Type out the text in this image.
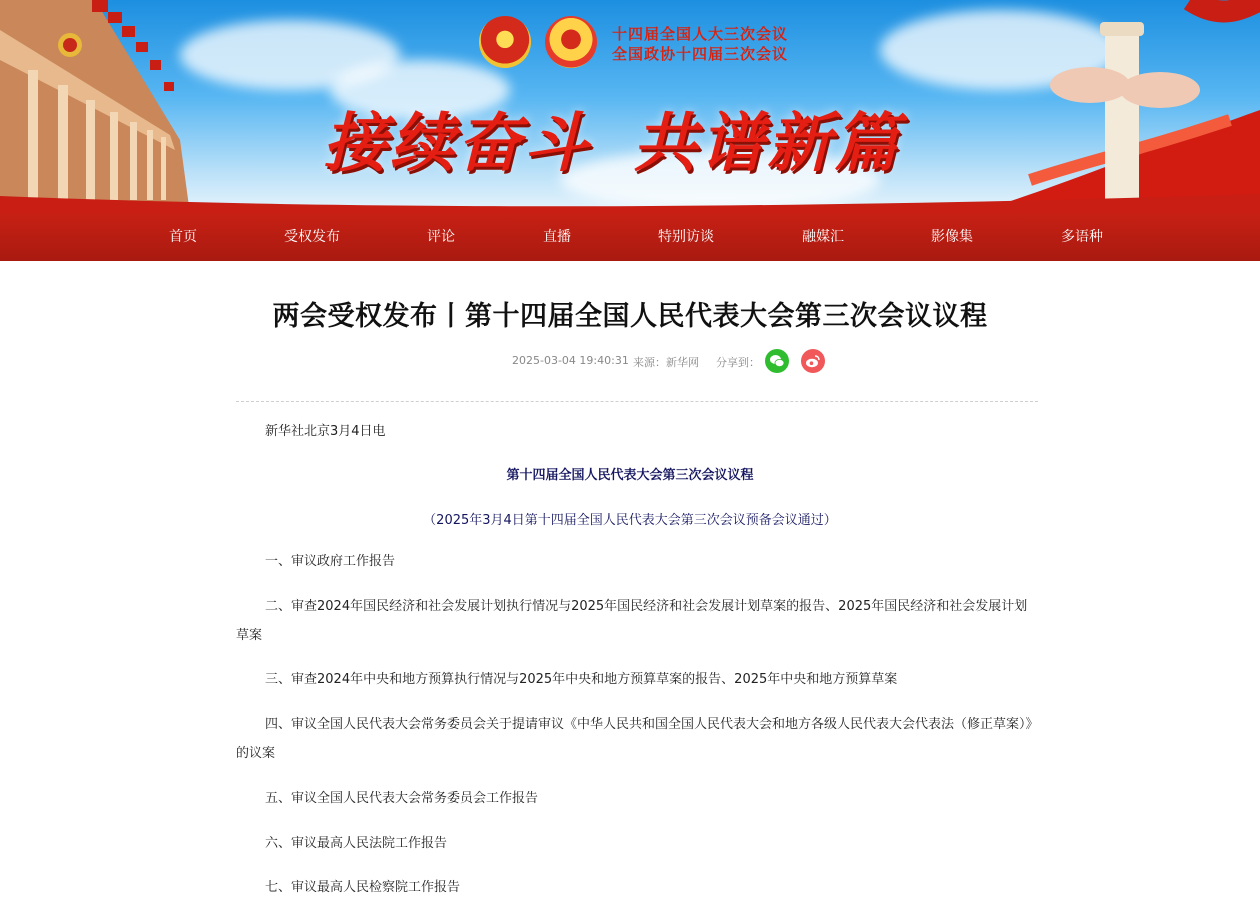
十四届全国人大三次会议
全国政协十四届三次会议
接续奋斗 共谱新篇
首页	受权发布	评论	直播	特别访谈	融媒汇	影像集	多语种
两会受权发布丨第十四届全国人民代表大会第三次会议议程
2025-03-04 19:40:31 来源：新华网 分享到：
新华社北京3月4日电
第十四届全国人民代表大会第三次会议议程
（2025年3月4日第十四届全国人民代表大会第三次会议预备会议通过）
一、审议政府工作报告
二、审查2024年国民经济和社会发展计划执行情况与2025年国民经济和社会发展计划草案的报告、2025年国民经济和社会发展计划草案
三、审查2024年中央和地方预算执行情况与2025年中央和地方预算草案的报告、2025年中央和地方预算草案
四、审议全国人民代表大会常务委员会关于提请审议《中华人民共和国全国人民代表大会和地方各级人民代表大会代表法（修正草案）》的议案
五、审议全国人民代表大会常务委员会工作报告
六、审议最高人民法院工作报告
七、审议最高人民检察院工作报告
